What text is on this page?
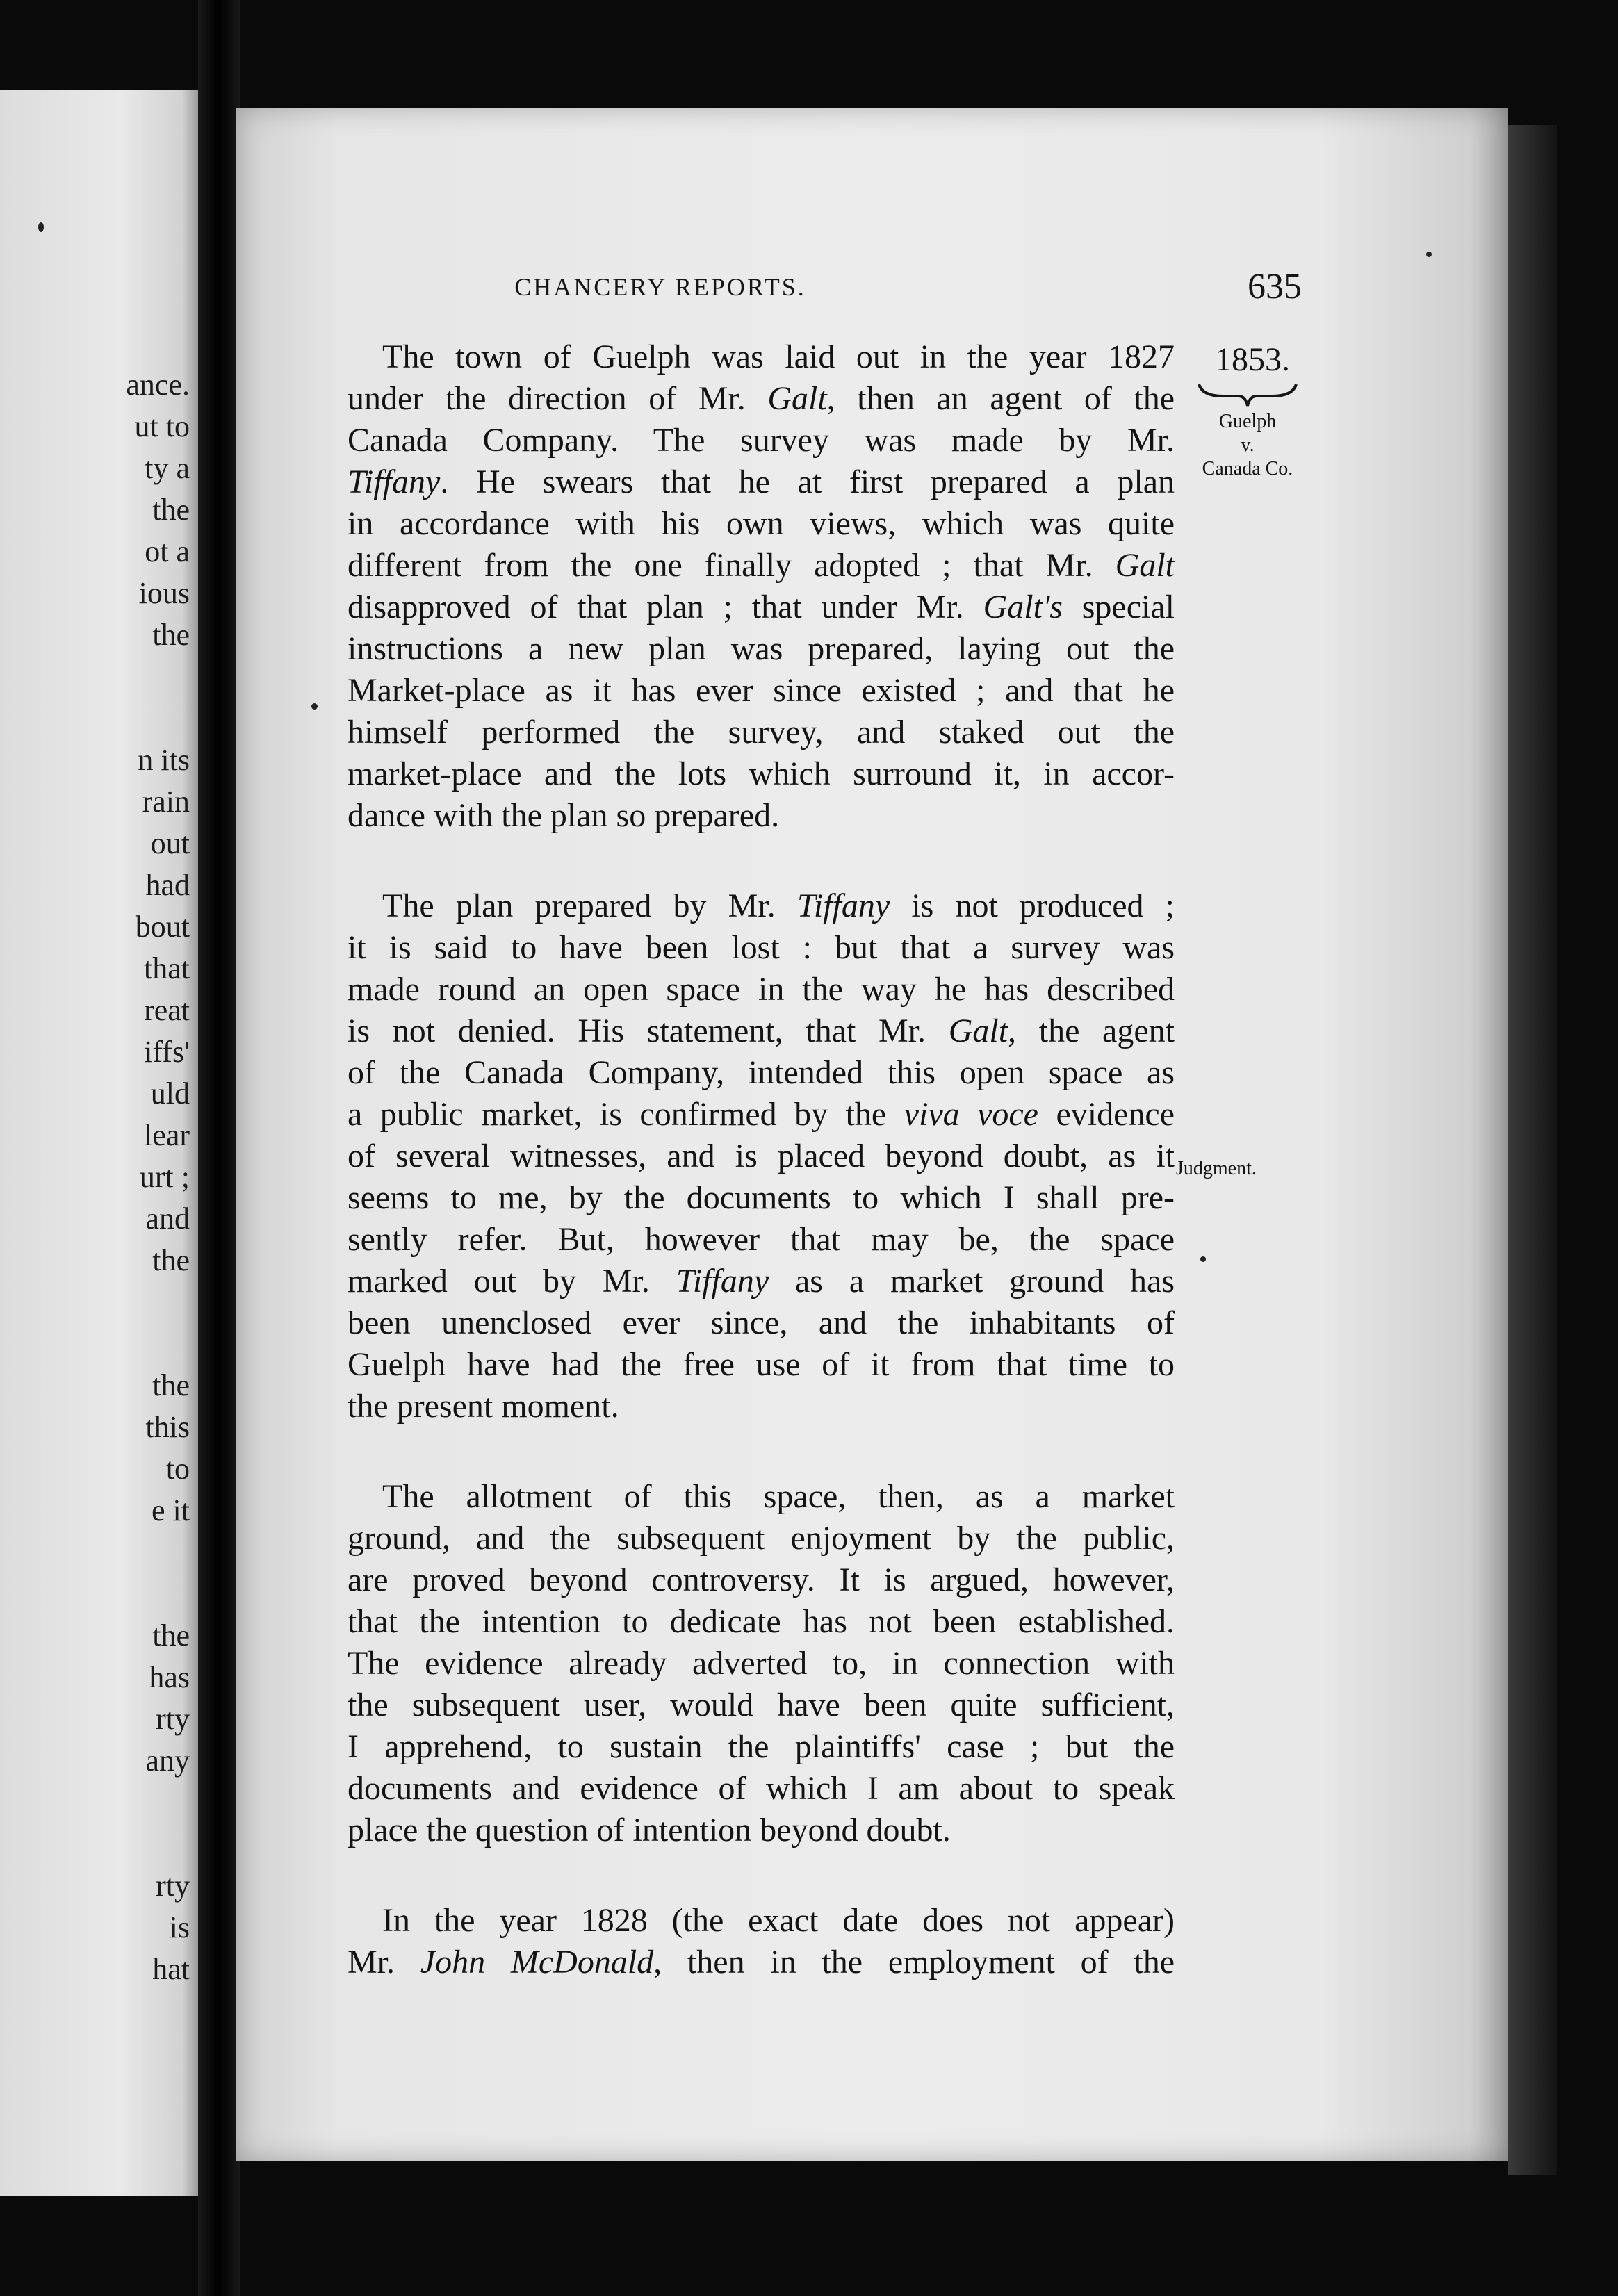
ance.
ut to
ty a
the
ot a
ious
the
n its
rain
out
had
bout
that
reat
iffs'
uld
lear
urt ;
and
the
the
this
to
e it
the
has
rty
any
rty
is
hat
CHANCERY REPORTS.	635
1853.
Guelph
v.
Canada Co.
Judgment.
The town of Guelph was laid out in the year 1827
under the direction of Mr. Galt, then an agent of the
Canada Company. The survey was made by Mr.
Tiffany. He swears that he at first prepared a plan
in accordance with his own views, which was quite
different from the one finally adopted ; that Mr. Galt
disapproved of that plan ; that under Mr. Galt's special
instructions a new plan was prepared, laying out the
Market-place as it has ever since existed ; and that he
himself performed the survey, and staked out the
market-place and the lots which surround it, in accor-
dance with the plan so prepared.
The plan prepared by Mr. Tiffany is not produced ;
it is said to have been lost : but that a survey was
made round an open space in the way he has described
is not denied. His statement, that Mr. Galt, the agent
of the Canada Company, intended this open space as
a public market, is confirmed by the viva voce evidence
of several witnesses, and is placed beyond doubt, as it
seems to me, by the documents to which I shall pre-
sently refer. But, however that may be, the space
marked out by Mr. Tiffany as a market ground has
been unenclosed ever since, and the inhabitants of
Guelph have had the free use of it from that time to
the present moment.
The allotment of this space, then, as a market
ground, and the subsequent enjoyment by the public,
are proved beyond controversy. It is argued, however,
that the intention to dedicate has not been established.
The evidence already adverted to, in connection with
the subsequent user, would have been quite sufficient,
I apprehend, to sustain the plaintiffs' case ; but the
documents and evidence of which I am about to speak
place the question of intention beyond doubt.
In the year 1828 (the exact date does not appear)
Mr. John McDonald, then in the employment of the
